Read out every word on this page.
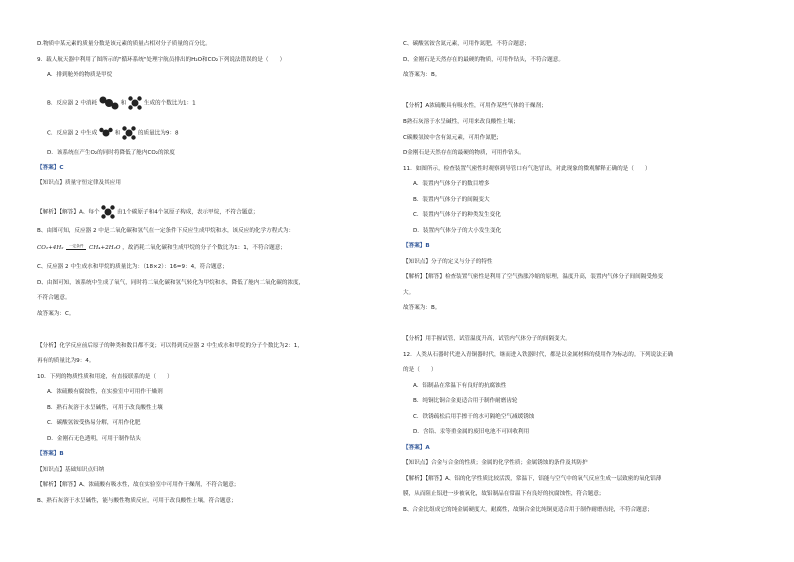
D.物质中某元素的质量分数是该元素的质量占相对分子质量的百分比。
9．载人航天器中利用了图所示的"循环系统"处理宇航员排出的H₂O和CO₂下列说法错误的是（　　）
A．排到舱外的物质是甲烷
B．反应器 2 中消耗	和	生成的个数比为1：1
C．反应器 2 中生成	和	的质量比为9：8
D．该系统在产生O₂的同时将降低了舱内CO₂的浓度
【答案】C
【知识点】质量守恒定律及其应用
【解析】【解答】A、每个	由1个碳原子和4个氢原子构成，表示甲烷，不符合题意；
B、由图可知，反应器 2 中是二氧化碳和氢气在一定条件下反应生成甲烷和水，该反应的化学方程式为：
CO₂+4H₂	一定条件 CH₄+2H₂O ，故消耗二氧化碳和生成甲烷的分子个数比为1：1，不符合题意；
C、反应器 2 中生成水和甲烷的质量比为：（18×2）：16=9：4，符合题意；
D、由图可知，该系统中生成了氧气，同时将二氧化碳和氢气转化为甲烷和水，降低了舱内二氧化碳的浓度，
不符合题意。
故答案为：C。
【分析】化学反应前后原子的种类和数目都不变；可以得到反应器 2 中生成水和甲烷的分子个数比为2：1，
再有的质量比为9：4。
10．下列的物质性质和用途，有直接联系的是（　　）
A．浓硫酸有腐蚀性，在实验室中可用作干燥剂
B．熟石灰溶于水呈碱性，可用于改良酸性土壤
C．碳酸氢铵受热易分解，可用作化肥
D．金刚石无色透明，可用于制作钻头
【答案】B
【知识点】基础知识点归纳
【解析】【解答】A、浓硫酸有吸水性，故在实验室中可用作干燥剂，不符合题意；
B、熟石灰溶于水呈碱性，能与酸性物质反应，可用于改良酸性土壤，符合题意；
C、碳酸氢铵含氮元素，可用作氮肥，不符合题意；
D、金刚石是天然存在的最硬的物质，可用作钻头，不符合题意。
故答案为：B。
【分析】A浓硫酸具有吸水性，可用作某些气体的干燥剂；
B熟石灰溶于水呈碱性，可用来改良酸性土壤；
C碳酸氢铵中含有氮元素，可用作氮肥；
D金刚石是天然存在的最硬的物质，可用作钻头。
11．如图所示，检查装置气密性时观察到导管口有气泡冒出，对此现象的微观解释正确的是（　　）
A．装置内气体分子的数目增多
B．装置内气体分子的间隔变大
C．装置内气体分子的种类发生变化
D．装置内气体分子的大小发生变化
【答案】B
【知识点】分子的定义与分子的特性
【解析】【解答】检查装置气密性是利用了空气热胀冷缩的原理，温度升高，装置内气体分子间间隔受热变
大。
故答案为：B。
【分析】用手握试管，试管温度升高，试管内气体分子的间隔变大。
12．人类从石器时代进入青铜器时代，继而进入铁器时代，都是以金属材料的使用作为标志的。下列说法正确
的是（　　）
A．铝制品在常温下有良好的抗腐蚀性
B．纯铜比铜合金更适合用于制作耐磨齿轮
C．铁锈疏松后用手擦干的水可隔绝空气减缓锈蚀
D．含铅、汞等重金属的废旧电池不可回收利用
【答案】A
【知识点】合金与合金的性质；金属的化学性质；金属锈蚀的条件及其防护
【解析】【解答】A、铝的化学性质比较活泼，常温下，铝能与空气中的氧气反应生成一层致密的氧化铝薄
膜，从而阻止铝进一步被氧化，故铝制品在常温下有良好的抗腐蚀性，符合题意；
B、合金比组成它的纯金属硬度大，耐腐性，故铜合金比纯铜更适合用于制作耐磨齿轮，不符合题意；
